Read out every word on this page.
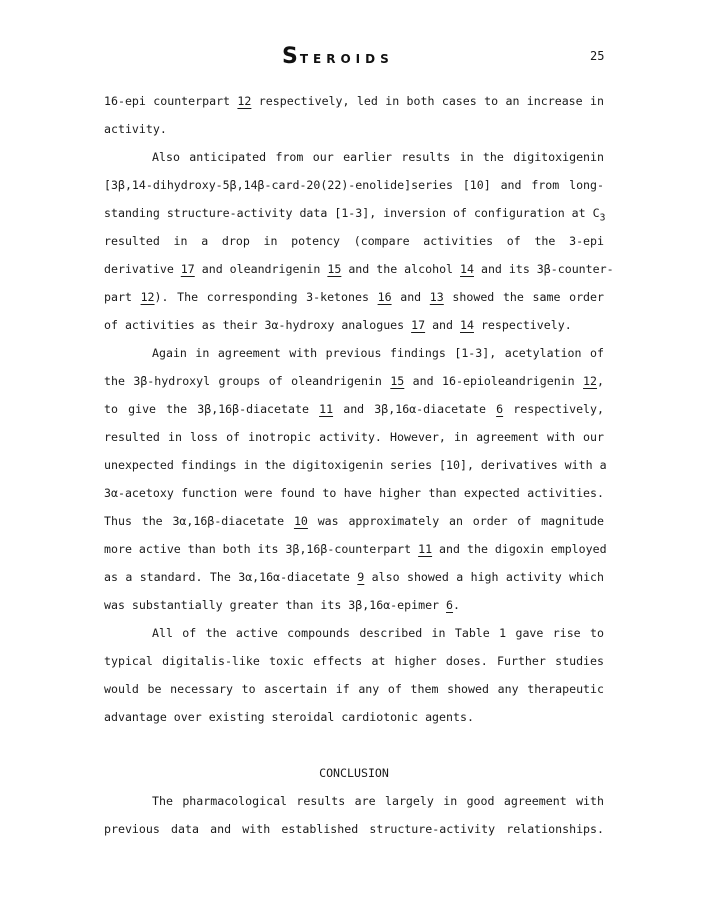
STEROIDS	25
16-epi counterpart 12 respectively, led in both cases to an increase in
activity.
Also anticipated from our earlier results in the digitoxigenin
[3β,14-dihydroxy-5β,14β-card-20(22)-enolide]series [10] and from long-
standing structure-activity data [1-3], inversion of configuration at $C_3$
resulted in a drop in potency (compare activities of the 3-epi
derivative 17 and oleandrigenin 15 and the alcohol 14 and its 3β-counter-
part 12). The corresponding 3-ketones 16 and 13 showed the same order
of activities as their 3α-hydroxy analogues 17 and 14 respectively.
Again in agreement with previous findings [1-3], acetylation of
the 3β-hydroxyl groups of oleandrigenin 15 and 16-epioleandrigenin 12,
to give the 3β,16β-diacetate 11 and 3β,16α-diacetate 6 respectively,
resulted in loss of inotropic activity. However, in agreement with our
unexpected findings in the digitoxigenin series [10], derivatives with a
3α-acetoxy function were found to have higher than expected activities.
Thus the 3α,16β-diacetate 10 was approximately an order of magnitude
more active than both its 3β,16β-counterpart 11 and the digoxin employed
as a standard. The 3α,16α-diacetate 9 also showed a high activity which
was substantially greater than its 3β,16α-epimer 6.
All of the active compounds described in Table 1 gave rise to
typical digitalis-like toxic effects at higher doses. Further studies
would be necessary to ascertain if any of them showed any therapeutic
advantage over existing steroidal cardiotonic agents.
CONCLUSION
The pharmacological results are largely in good agreement with
previous data and with established structure-activity relationships.
